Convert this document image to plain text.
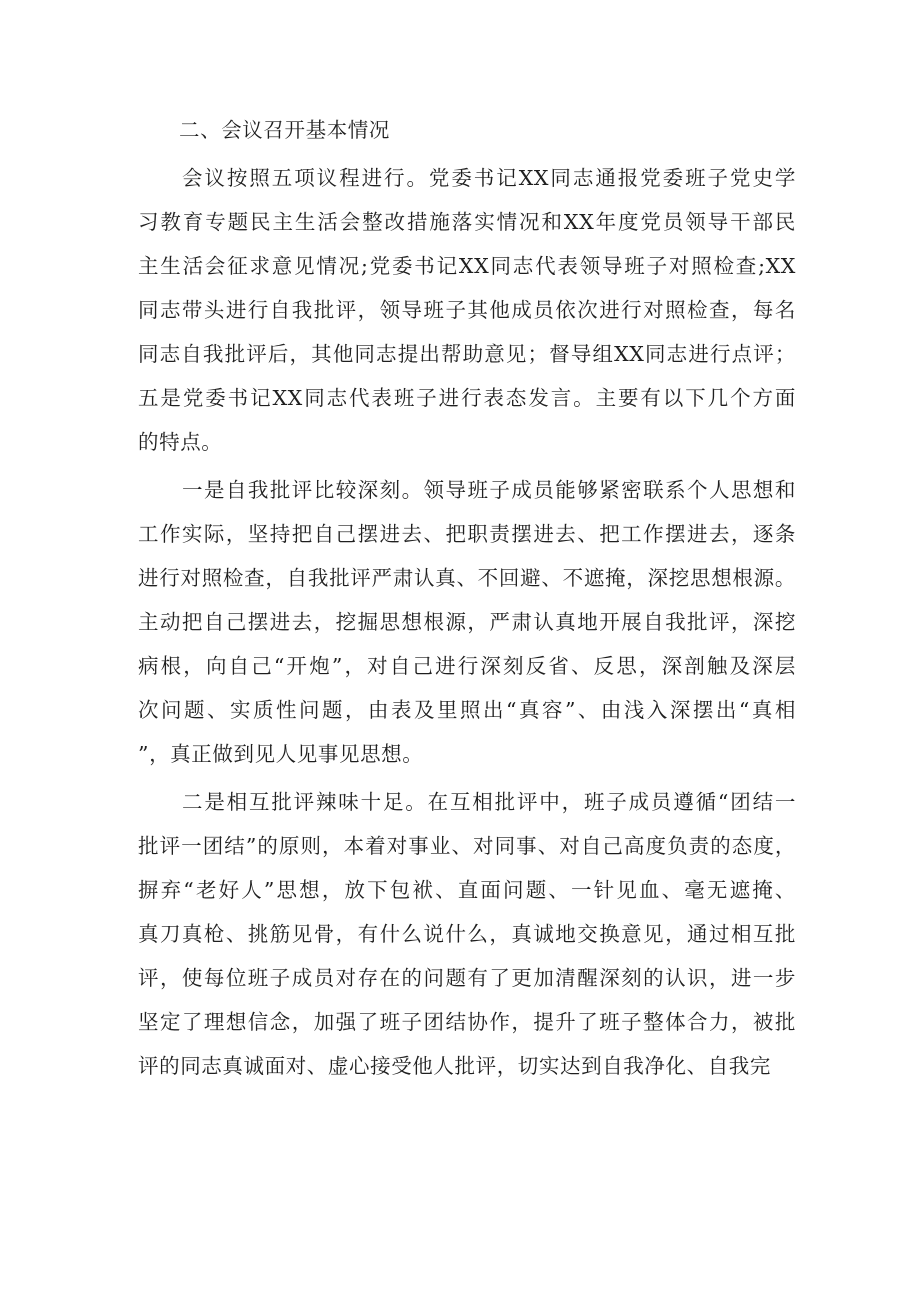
二、会议召开基本情况

会议按照五项议程进行。党委书记XX同志通报党委班子党史学
习教育专题民主生活会整改措施落实情况和XX年度党员领导干部民
主生活会征求意见情况;党委书记XX同志代表领导班子对照检查;XX
同志带头进行自我批评，领导班子其他成员依次进行对照检查，每名
同志自我批评后，其他同志提出帮助意见；督导组XX同志进行点评；
五是党委书记XX同志代表班子进行表态发言。主要有以下几个方面
的特点。

一是自我批评比较深刻。领导班子成员能够紧密联系个人思想和
工作实际，坚持把自己摆进去、把职责摆进去、把工作摆进去，逐条
进行对照检查，自我批评严肃认真、不回避、不遮掩，深挖思想根源。
主动把自己摆进去，挖掘思想根源，严肃认真地开展自我批评，深挖
病根，向自己“开炮”，对自己进行深刻反省、反思，深剖触及深层
次问题、实质性问题，由表及里照出“真容”、由浅入深摆出“真相
”，真正做到见人见事见思想。

二是相互批评辣味十足。在互相批评中，班子成员遵循“团结一
批评一团结”的原则，本着对事业、对同事、对自己高度负责的态度，
摒弃“老好人”思想，放下包袱、直面问题、一针见血、毫无遮掩、
真刀真枪、挑筋见骨，有什么说什么，真诚地交换意见，通过相互批
评，使每位班子成员对存在的问题有了更加清醒深刻的认识，进一步
坚定了理想信念，加强了班子团结协作，提升了班子整体合力，被批
评的同志真诚面对、虚心接受他人批评，切实达到自我净化、自我完
